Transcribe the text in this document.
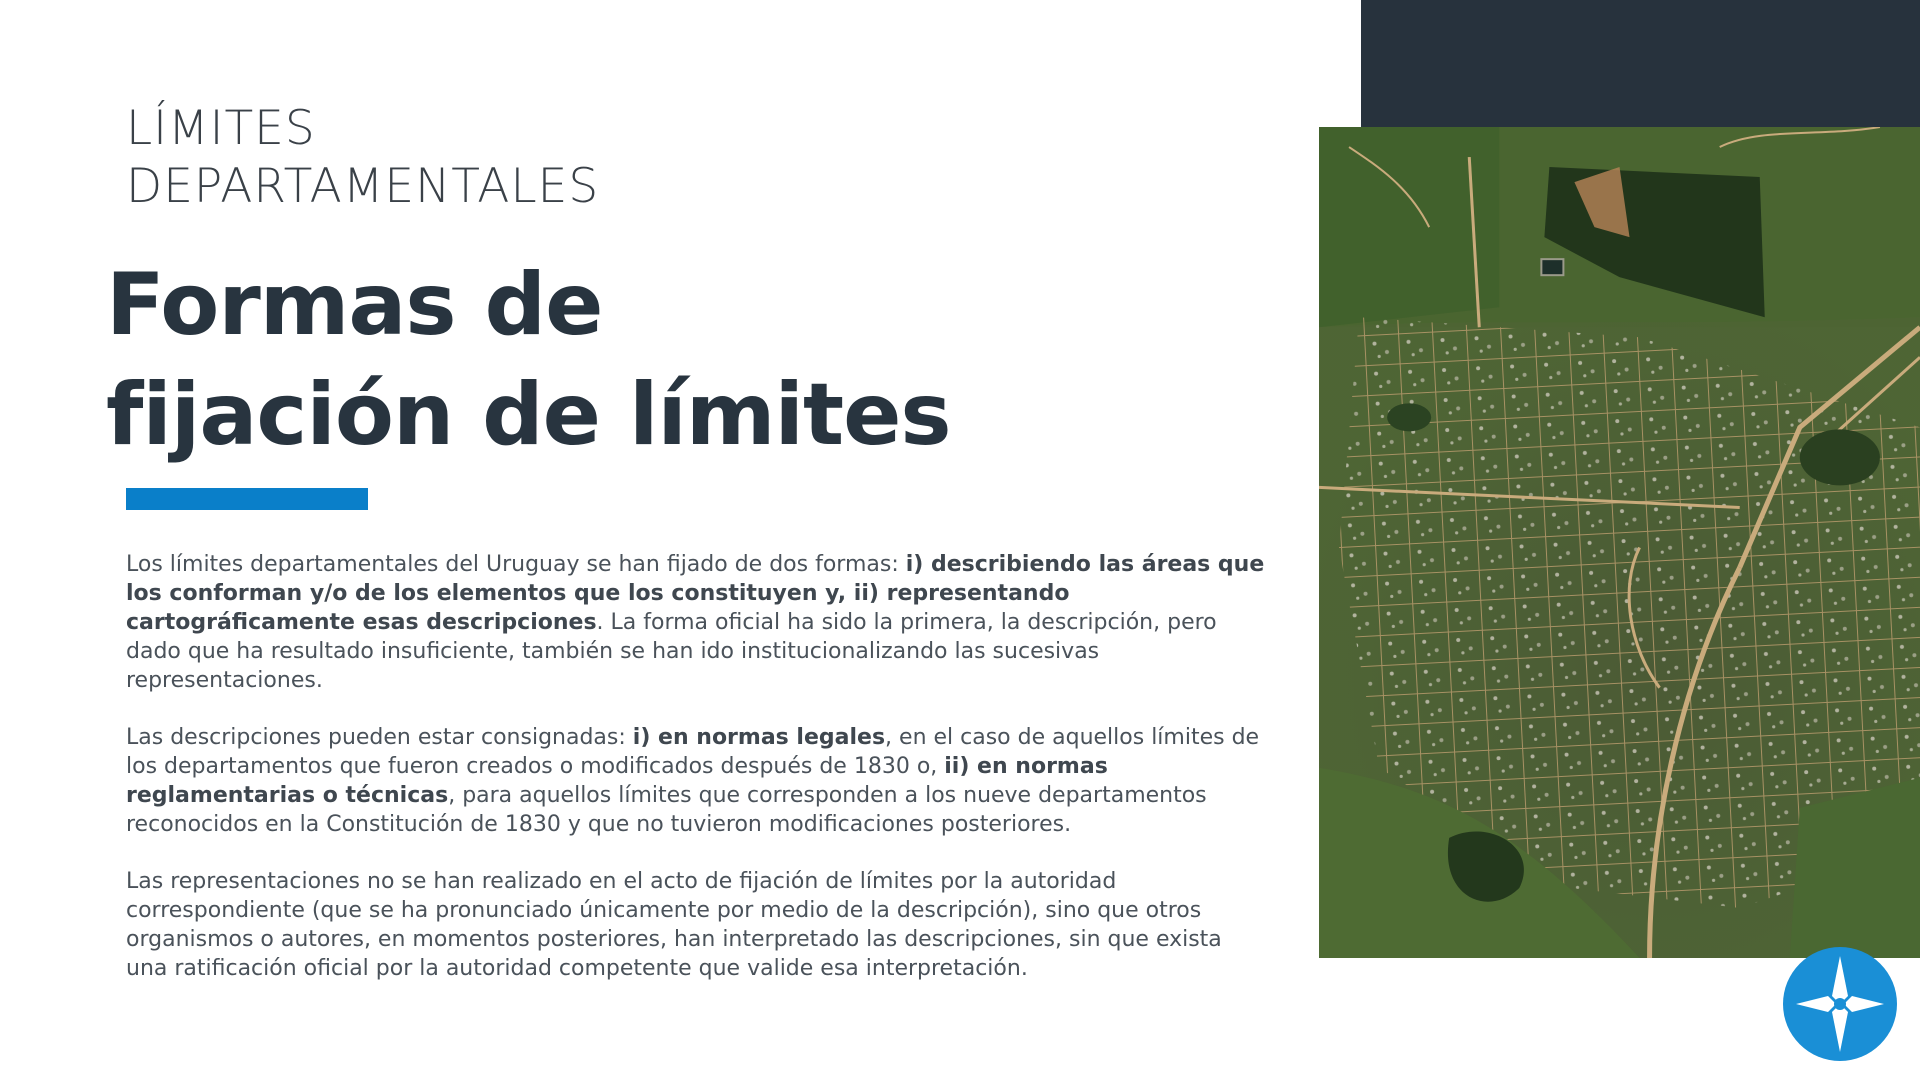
LÍMITES
DEPARTAMENTALES
Formas de
fijación de límites

Los límites departamentales del Uruguay se han fijado de dos formas: i) describiendo las áreas que los conforman y/o de los elementos que los constituyen y, ii) representando cartográficamente esas descripciones. La forma oficial ha sido la primera, la descripción, pero dado que ha resultado insuficiente, también se han ido institucionalizando las sucesivas representaciones.

Las descripciones pueden estar consignadas: i) en normas legales, en el caso de aquellos límites de los departamentos que fueron creados o modificados después de 1830 o, ii) en normas reglamentarias o técnicas, para aquellos límites que corresponden a los nueve departamentos reconocidos en la Constitución de 1830 y que no tuvieron modificaciones posteriores.

Las representaciones no se han realizado en el acto de fijación de límites por la autoridad correspondiente (que se ha pronunciado únicamente por medio de la descripción), sino que otros organismos o autores, en momentos posteriores, han interpretado las descripciones, sin que exista una ratificación oficial por la autoridad competente que valide esa interpretación.
